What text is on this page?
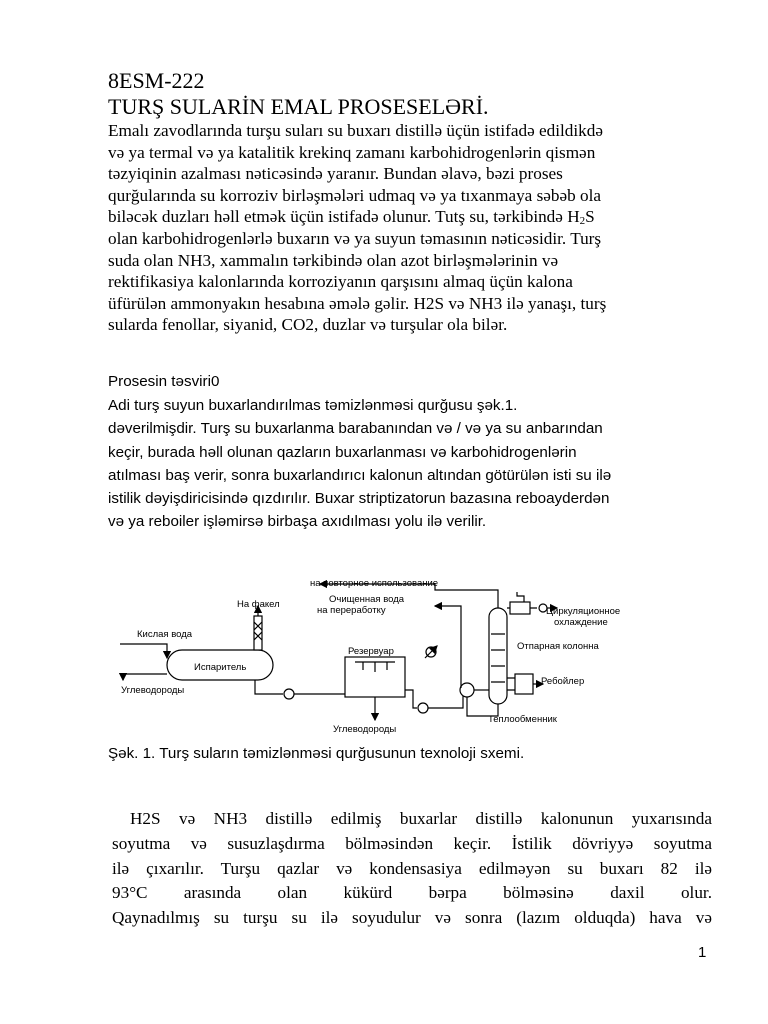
8ESM-222
TURŞ SULARİN EMAL PROSESELƏRİ.
Emalı zavodlarında turşu suları su buxarı distillə üçün istifadə edildikdə
və ya termal və ya katalitik krekinq zamanı karbohidrogenlərin qismən
təzyiqinin azalması nəticəsində yaranır. Bundan əlavə, bəzi proses
qurğularında su korroziv birləşmələri udmaq və ya tıxanmaya səbəb ola
biləcək duzları həll etmək üçün istifadə olunur. Tutş su, tərkibində $H_2S$
olan karbohidrogenlərlə buxarın və ya suyun təmasının nəticəsidir. Turş
suda olan NH3, xammalın tərkibində olan azot birləşmələrinin və
rektifikasiya kalonlarında korroziyanın qarşısını almaq üçün kalona
üfürülən ammonyakın hesabına əmələ gəlir. H2S və NH3 ilə yanaşı, turş
sularda fenollar, siyanid, CO2, duzlar və turşular ola bilər.
Prosesin təsviri0
Adi turş suyun buxarlandırılmas təmizlənməsi qurğusu şək.1.
dəverilmişdir. Turş su buxarlanma barabanından və / və ya su anbarından
keçir, burada həll olunan qazların buxarlanması və karbohidrogenlərin
atılması baş verir, sonra buxarlandırıcı kalonun altından götürülən isti su ilə
istilik dəyişdiricisində qızdırılır. Buxar striptizatorun bazasına reboayderdən
və ya reboiler işləmirsə birbaşa axıdılması yolu ilə verilir.
на повторное использование
Очищенная вода
на переработку
На факел
Кислая вода
Испаритель
Углеводороды
Резервуар
Углеводороды
Циркуляционное
охлаждение
Отпарная колонна
Ребойлер
Теплообменник
Şək. 1. Turş suların təmizlənməsi qurğusunun texnoloji sxemi.
H2S və NH3 distillə edilmiş buxarlar distillə kalonunun yuxarısında
soyutma və susuzlaşdırma bölməsindən keçir. İstilik dövriyyə soyutma
ilə çıxarılır. Turşu qazlar və kondensasiya edilməyən su buxarı 82 ilə
93°C arasında olan kükürd bərpa bölməsinə daxil olur.
Qaynadılmış su turşu su ilə soyudulur və sonra (lazım olduqda) hava və
1
